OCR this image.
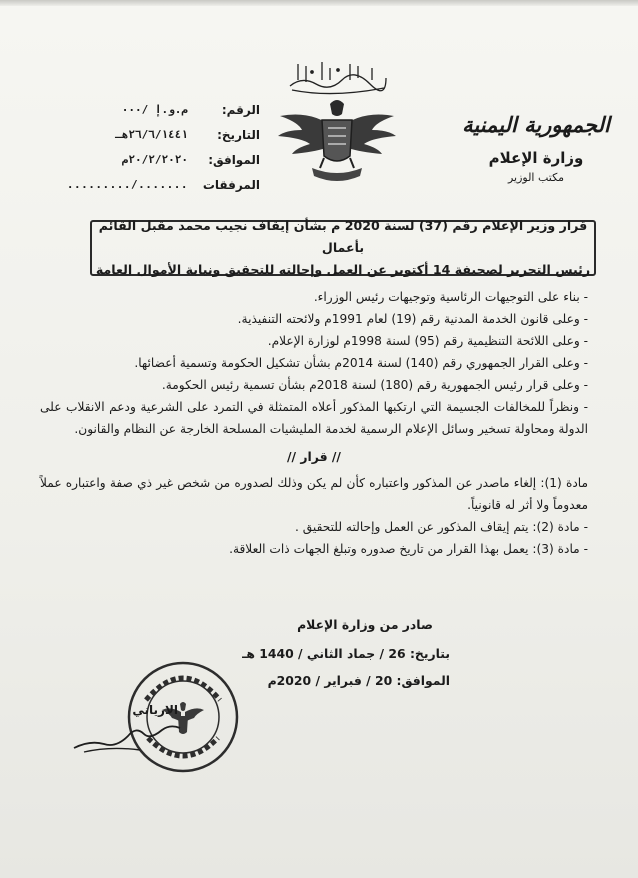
الجمهورية اليمنية
وزارة الإعلام
مكتب الوزير
الرقم:
م.و.إ /٠٠٠
التاريخ:
٢٦/٦/١٤٤١هـ
الموافق:
٢٠/٢/٢٠٢٠م
المرفقات
......./.........
قرار وزير الإعلام رقم (37) لسنة 2020 م بشأن إيقاف نجيب محمد مقبل القائم بأعمال
رئيس التحرير لصحيفة 14 أكتوبر عن العمل وإحالته للتحقيق ونيابة الأموال العامة

- بناء على التوجيهات الرئاسية وتوجيهات رئيس الوزراء.

- وعلى قانون الخدمة المدنية رقم (19) لعام 1991م ولائحته التنفيذية.

- وعلى اللائحة التنظيمية رقم (95) لسنة 1998م لوزارة الإعلام.

- وعلى القرار الجمهوري رقم (140) لسنة 2014م بشأن تشكيل الحكومة وتسمية أعضائها.

- وعلى قرار رئيس الجمهورية رقم (180) لسنة 2018م بشأن تسمية رئيس الحكومة.

- ونظراً للمخالفات الجسيمة التي ارتكبها المذكور أعلاه المتمثلة في التمرد على الشرعية ودعم الانقلاب على الدولة ومحاولة تسخير وسائل الإعلام الرسمية لخدمة المليشيات المسلحة الخارجة عن النظام والقانون.

// قرار //

مادة (1): إلغاء ماصدر عن المذكور واعتباره كأن لم يكن وذلك لصدوره من شخص غير ذي صفة واعتباره عملاً معدوماً ولا أثر له قانونياً.

- مادة (2): يتم إيقاف المذكور عن العمل وإحالته للتحقيق .

- مادة (3): يعمل بهذا القرار من تاريخ صدوره وتبلغ الجهات ذات العلاقة.

صادر من وزارة الإعلام
بتاريخ: 26 / جماد الثاني / 1440 هـ
الموافق: 20 / فبراير / 2020م
الارياني
